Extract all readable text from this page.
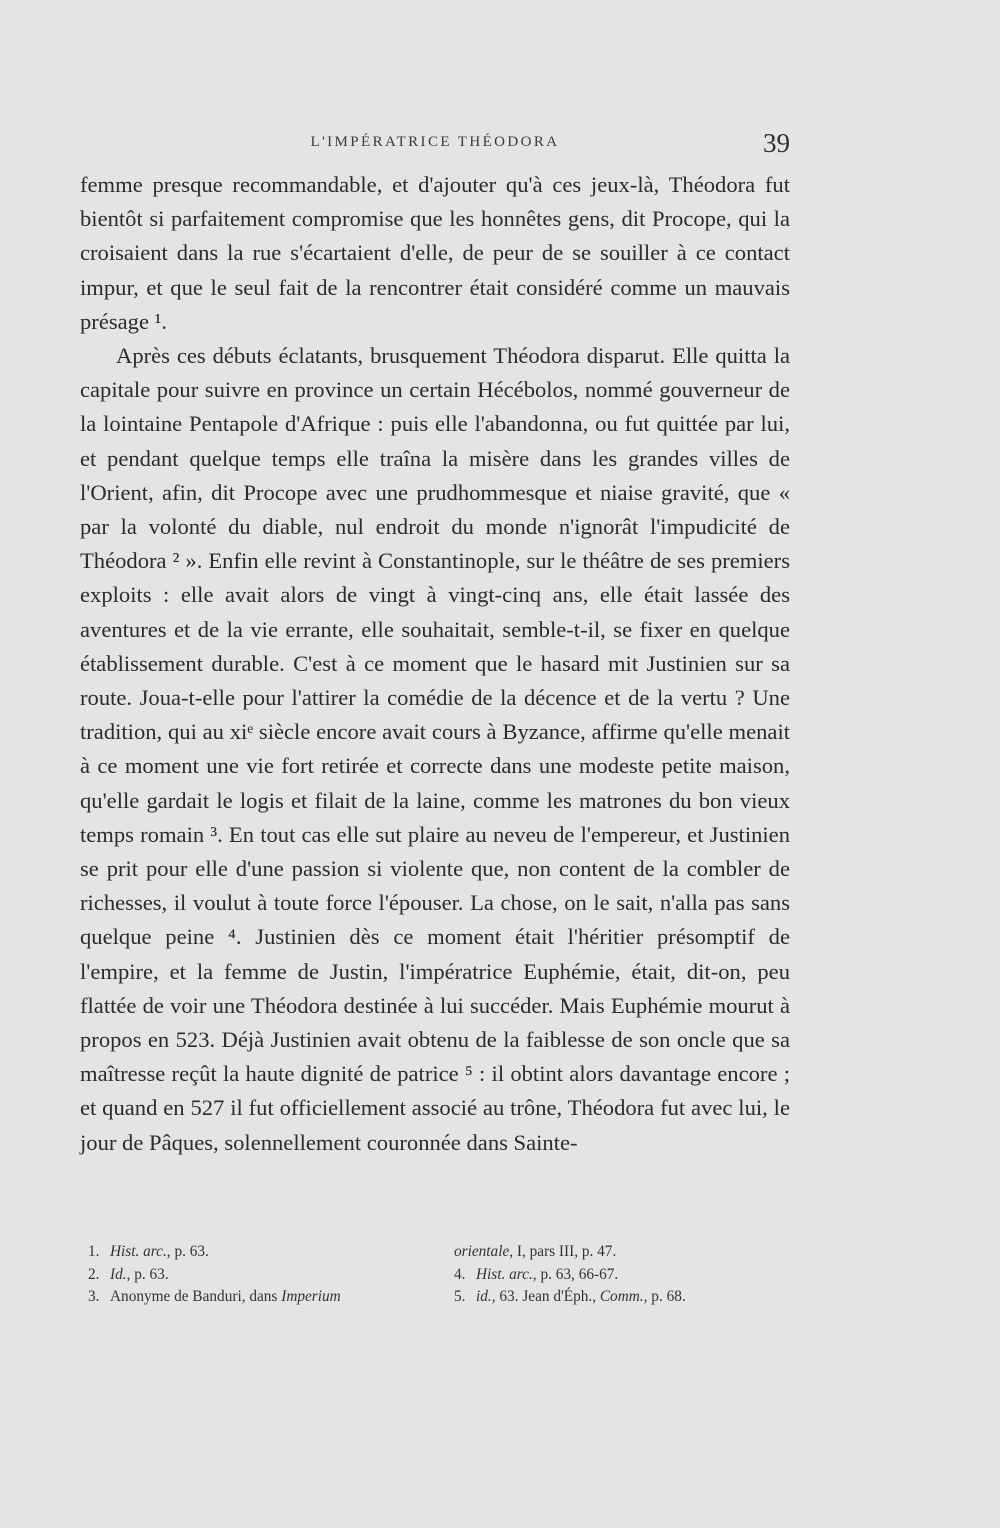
L'IMPÉRATRICE THÉODORA	39

femme presque recommandable, et d'ajouter qu'à ces jeux-là, Théodora fut bientôt si parfaitement compromise que les honnêtes gens, dit Procope, qui la croisaient dans la rue s'écartaient d'elle, de peur de se souiller à ce contact impur, et que le seul fait de la rencontrer était considéré comme un mauvais présage ¹.

Après ces débuts éclatants, brusquement Théodora disparut. Elle quitta la capitale pour suivre en province un certain Hécébolos, nommé gouverneur de la lointaine Pentapole d'Afrique : puis elle l'abandonna, ou fut quittée par lui, et pendant quelque temps elle traîna la misère dans les grandes villes de l'Orient, afin, dit Procope avec une prudhommesque et niaise gravité, que « par la volonté du diable, nul endroit du monde n'ignorât l'impudicité de Théodora ² ». Enfin elle revint à Constantinople, sur le théâtre de ses premiers exploits : elle avait alors de vingt à vingt-cinq ans, elle était lassée des aventures et de la vie errante, elle souhaitait, semble-t-il, se fixer en quelque établissement durable. C'est à ce moment que le hasard mit Justinien sur sa route. Joua-t-elle pour l'attirer la comédie de la décence et de la vertu ? Une tradition, qui au xiᵉ siècle encore avait cours à Byzance, affirme qu'elle menait à ce moment une vie fort retirée et correcte dans une modeste petite maison, qu'elle gardait le logis et filait de la laine, comme les matrones du bon vieux temps romain ³. En tout cas elle sut plaire au neveu de l'empereur, et Justinien se prit pour elle d'une passion si violente que, non content de la combler de richesses, il voulut à toute force l'épouser. La chose, on le sait, n'alla pas sans quelque peine ⁴. Justinien dès ce moment était l'héritier présomptif de l'empire, et la femme de Justin, l'impératrice Euphémie, était, dit-on, peu flattée de voir une Théodora destinée à lui succéder. Mais Euphémie mourut à propos en 523. Déjà Justinien avait obtenu de la faiblesse de son oncle que sa maîtresse reçût la haute dignité de patrice ⁵ : il obtint alors davantage encore ; et quand en 527 il fut officiellement associé au trône, Théodora fut avec lui, le jour de Pâques, solennellement couronnée dans Sainte-

1. Hist. arc., p. 63.
2. Id., p. 63.
3. Anonyme de Banduri, dans Imperium
orientale, I, pars III, p. 47.
4. Hist. arc., p. 63, 66-67.
5. id., 63. Jean d'Éph., Comm., p. 68.
